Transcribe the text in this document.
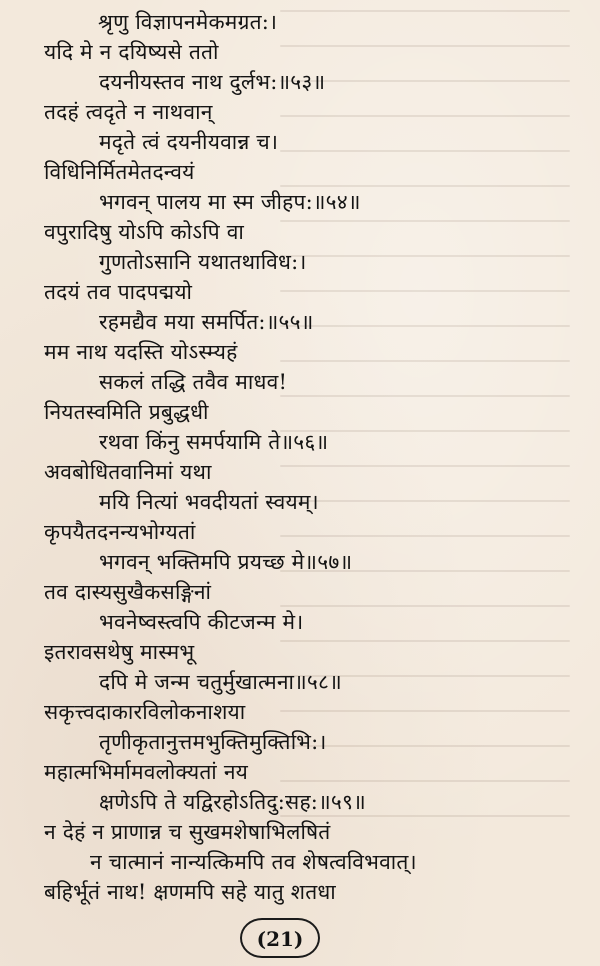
श्रृणु विज्ञापनमेकमग्रत:।
यदि मे न दयिष्यसे ततो
दयनीयस्तव नाथ दुर्लभ:॥५३॥
तदहं त्वदृते न नाथवान्
मदृते त्वं दयनीयवान्न च।
विधिनिर्मितमेतदन्वयं
भगवन् पालय मा स्म जीहप:॥५४॥
वपुरादिषु योऽपि कोऽपि वा
गुणतोऽसानि यथातथाविध:।
तदयं तव पादपद्मयो
रहमद्यैव मया समर्पित:॥५५॥
मम नाथ यदस्ति योऽस्म्यहं
सकलं तद्धि तवैव माधव!
नियतस्वमिति प्रबुद्धधी
रथवा किंनु समर्पयामि ते॥५६॥
अवबोधितवानिमां यथा
मयि नित्यां भवदीयतां स्वयम्।
कृपयैतदनन्यभोग्यतां
भगवन् भक्तिमपि प्रयच्छ मे॥५७॥
तव दास्यसुखैकसङ्गिनां
भवनेष्वस्त्वपि कीटजन्म मे।
इतरावसथेषु मास्मभू
दपि मे जन्म चतुर्मुखात्मना॥५८॥
सकृत्त्वदाकारविलोकनाशया
तृणीकृतानुत्तमभुक्तिमुक्तिभि:।
महात्मभिर्मामवलोक्यतां नय
क्षणेऽपि ते यद्विरहोऽतिदु:सह:॥५९॥
न देहं न प्राणान्न च सुखमशेषाभिलषितं
न चात्मानं नान्यत्किमपि तव शेषत्वविभवात्।
बहिर्भूतं नाथ! क्षणमपि सहे यातु शतधा
(21)
